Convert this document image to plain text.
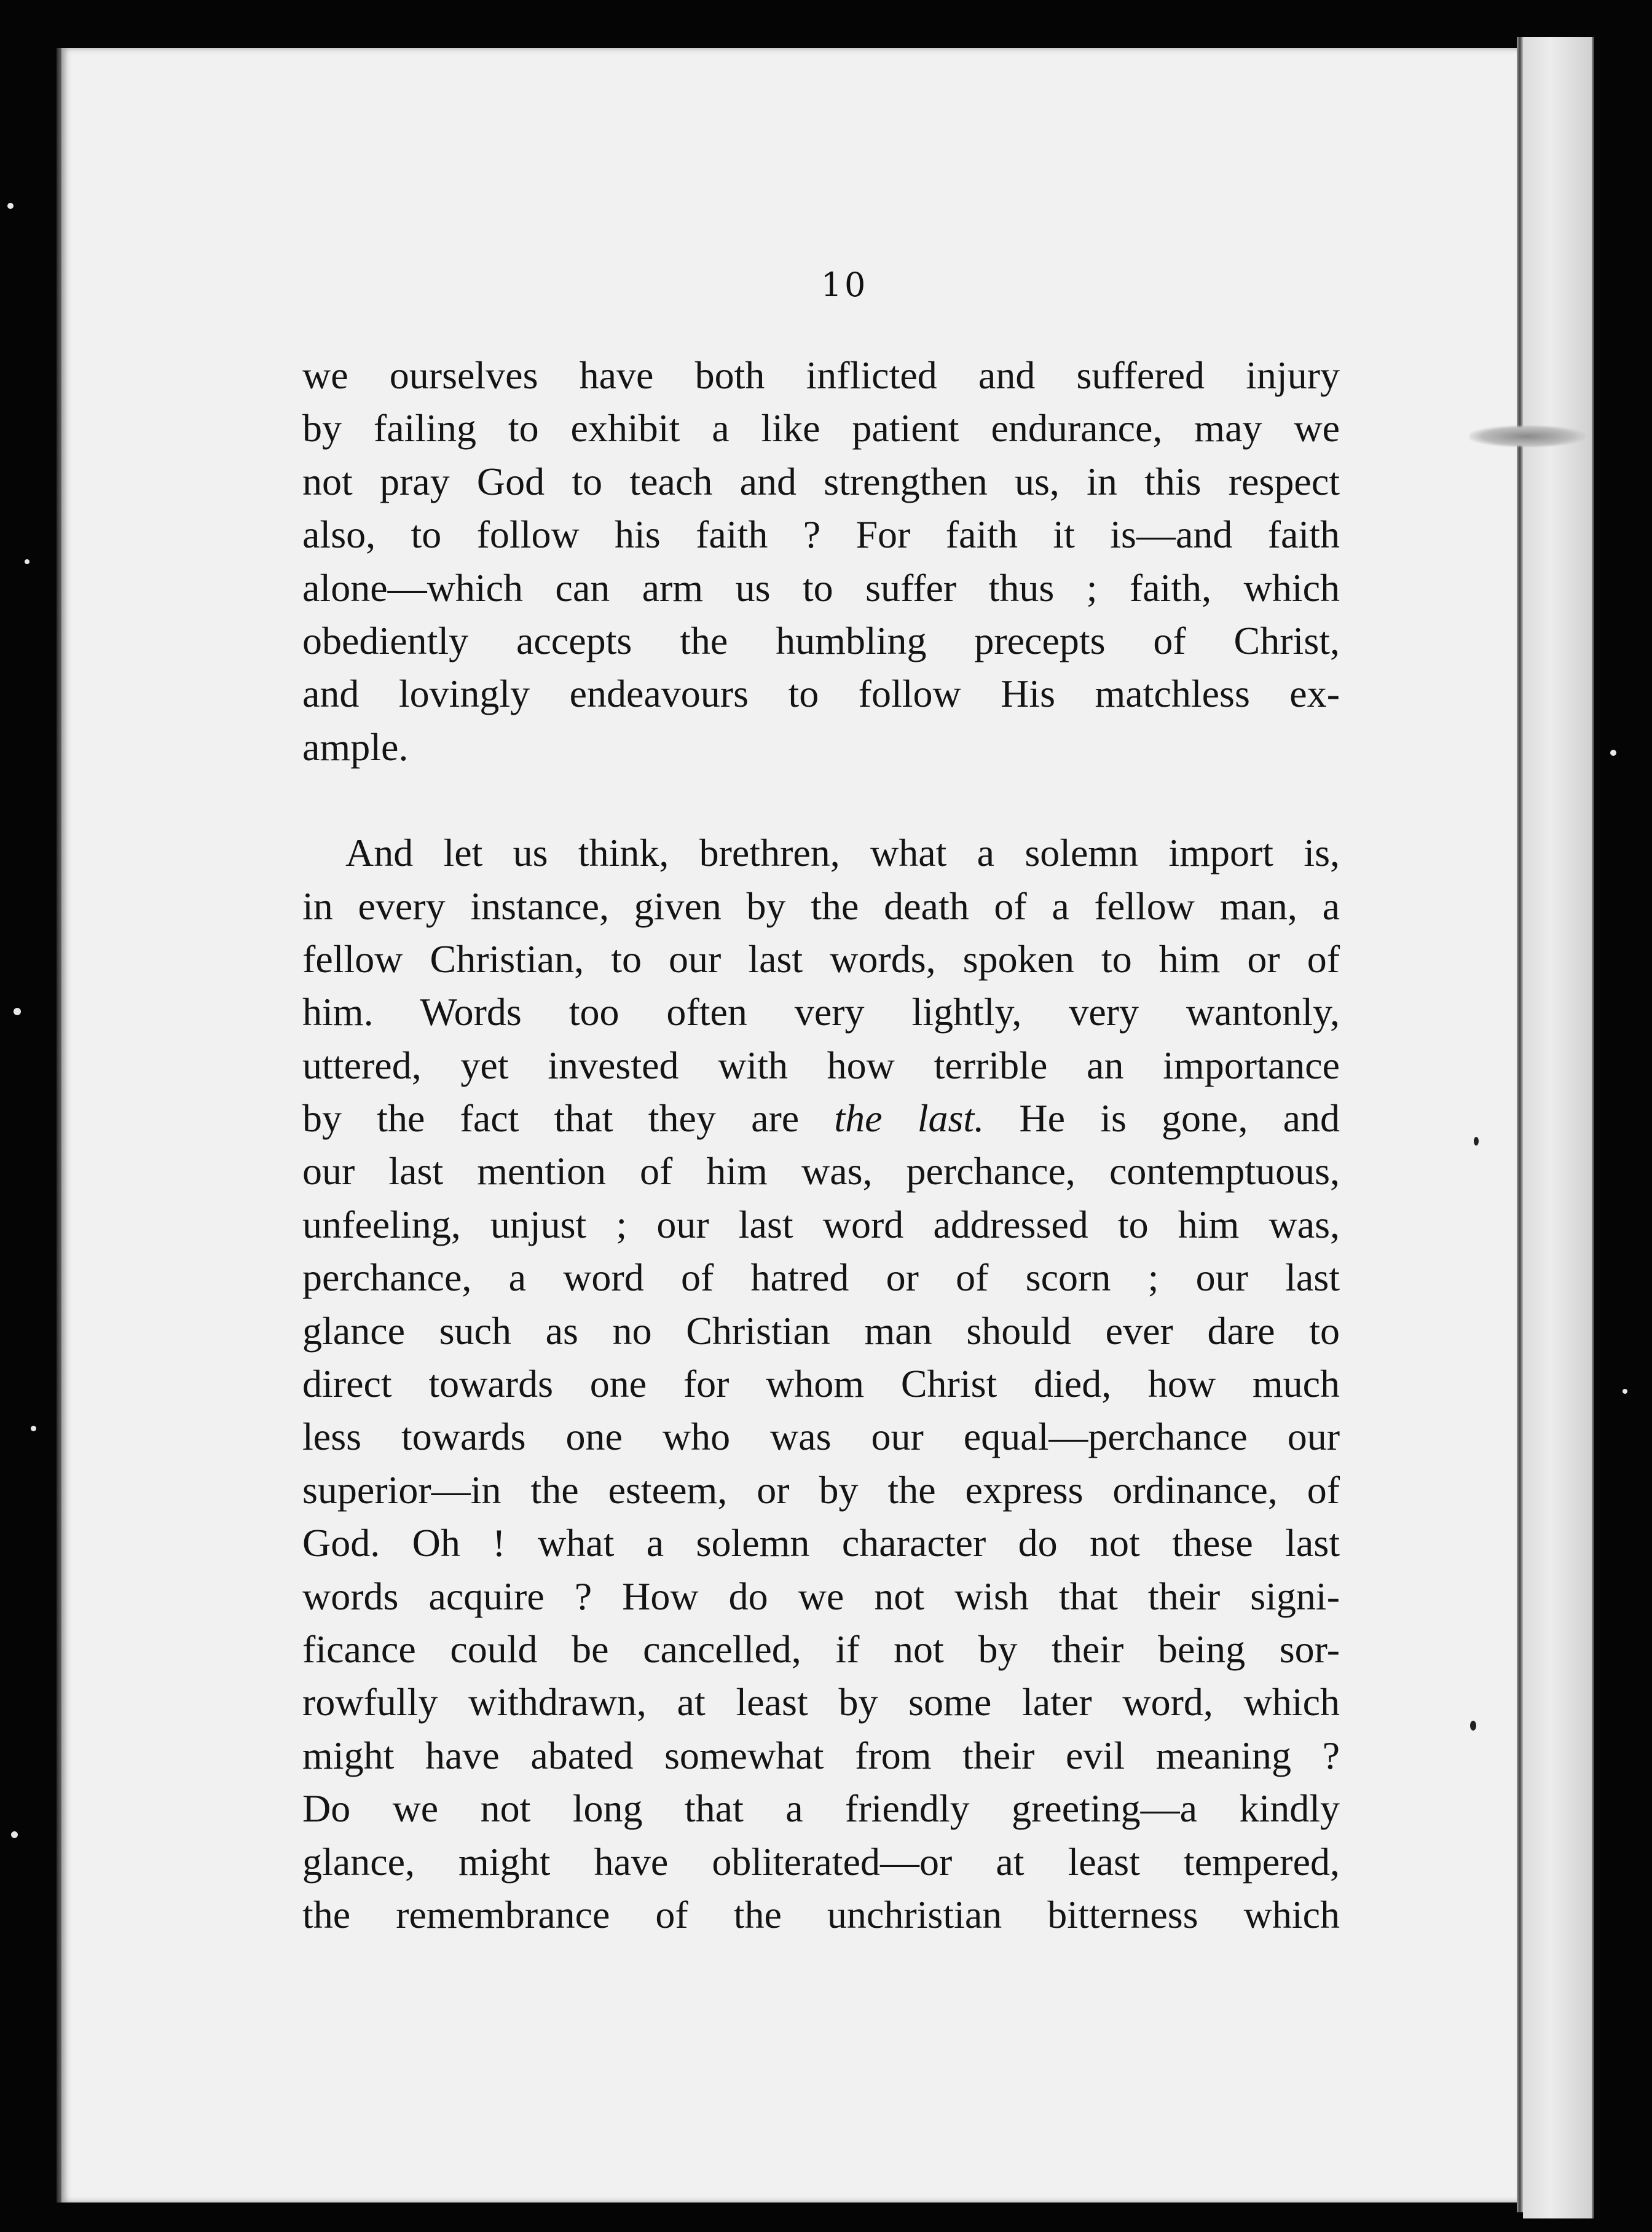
10
we ourselves have both inflicted and suffered injury
by failing to exhibit a like patient endurance, may we
not pray God to teach and strengthen us, in this respect
also, to follow his faith ? For faith it is—and faith
alone—which can arm us to suffer thus ; faith, which
obediently accepts the humbling precepts of Christ,
and lovingly endeavours to follow His matchless ex-
ample.
And let us think, brethren, what a solemn import is,
in every instance, given by the death of a fellow man, a
fellow Christian, to our last words, spoken to him or of
him. Words too often very lightly, very wantonly,
uttered, yet invested with how terrible an importance
by the fact that they are the last. He is gone, and
our last mention of him was, perchance, contemptuous,
unfeeling, unjust ; our last word addressed to him was,
perchance, a word of hatred or of scorn ; our last
glance such as no Christian man should ever dare to
direct towards one for whom Christ died, how much
less towards one who was our equal—perchance our
superior—in the esteem, or by the express ordinance, of
God. Oh ! what a solemn character do not these last
words acquire ? How do we not wish that their signi-
ficance could be cancelled, if not by their being sor-
rowfully withdrawn, at least by some later word, which
might have abated somewhat from their evil meaning ?
Do we not long that a friendly greeting—a kindly
glance, might have obliterated—or at least tempered,
the remembrance of the unchristian bitterness which
